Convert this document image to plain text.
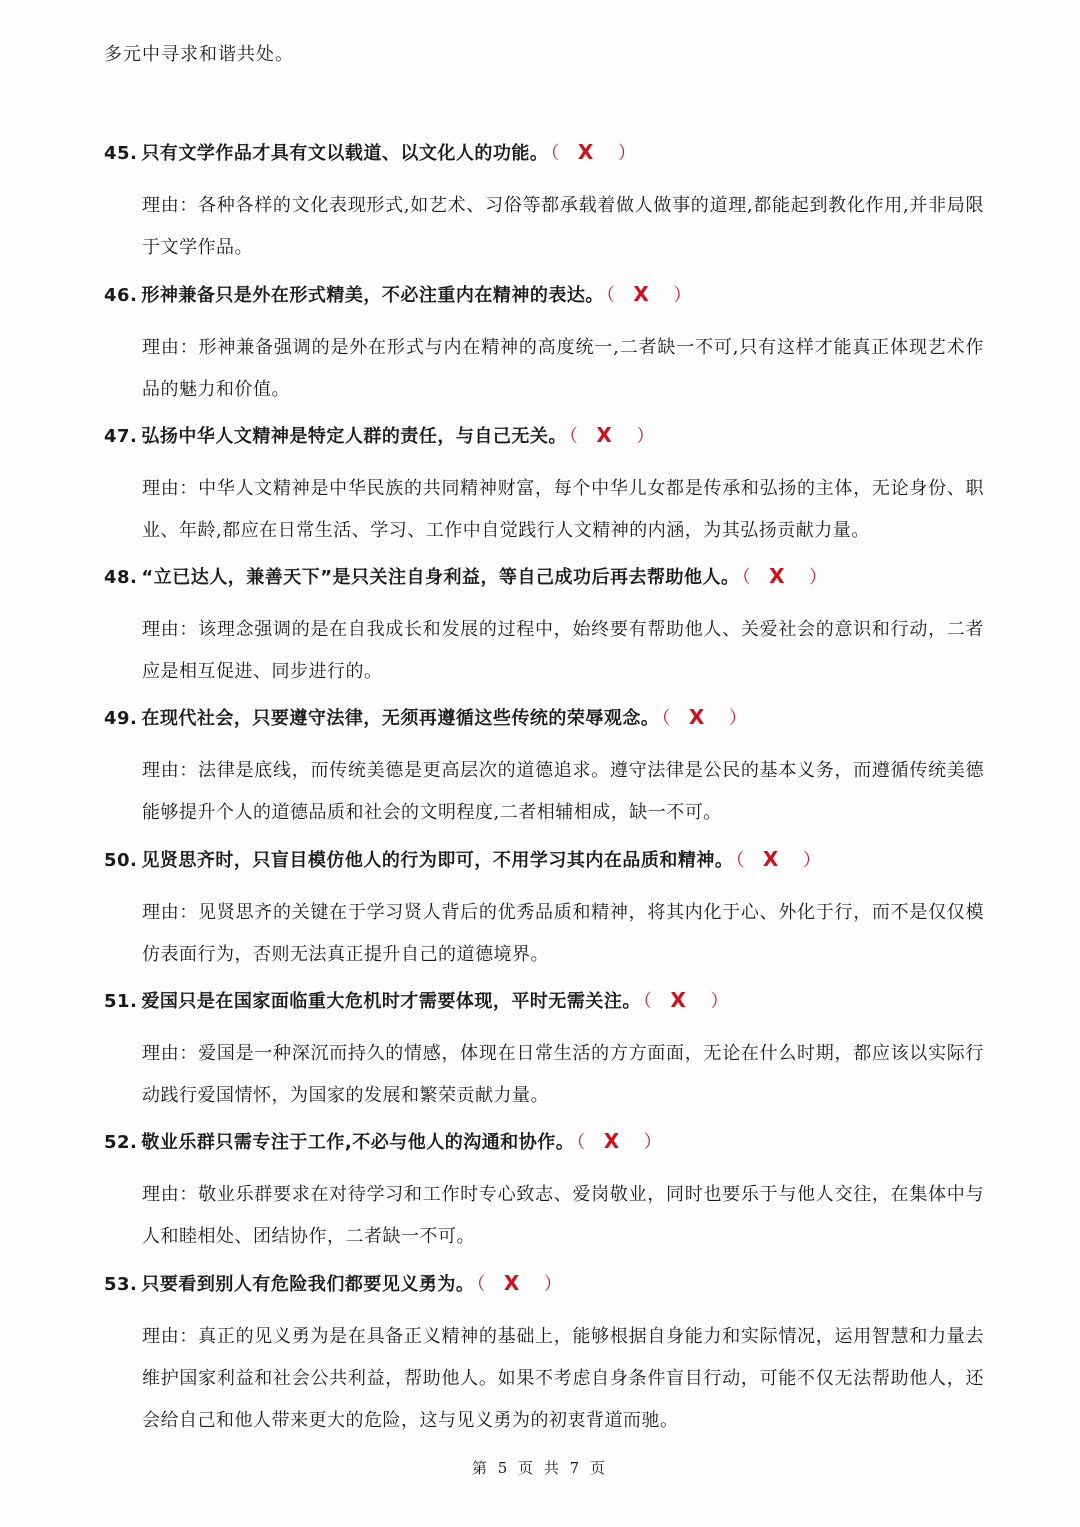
多元中寻求和谐共处。
45. 只有文学作品才具有文以载道、以文化人的功能。 （ X ）
理由：各种各样的文化表现形式,如艺术、习俗等都承载着做人做事的道理,都能起到教化作用,并非局限于文学作品。
46. 形神兼备只是外在形式精美，不必注重内在精神的表达。 （ X ）
理由：形神兼备强调的是外在形式与内在精神的高度统一,二者缺一不可,只有这样才能真正体现艺术作品的魅力和价值。
47. 弘扬中华人文精神是特定人群的责任，与自己无关。 （ X ）
理由：中华人文精神是中华民族的共同精神财富，每个中华儿女都是传承和弘扬的主体，无论身份、职业、年龄,都应在日常生活、学习、工作中自觉践行人文精神的内涵，为其弘扬贡献力量。
48. “立已达人，兼善天下”是只关注自身利益，等自己成功后再去帮助他人。 （ X ）
理由：该理念强调的是在自我成长和发展的过程中，始终要有帮助他人、关爱社会的意识和行动，二者应是相互促进、同步进行的。
49. 在现代社会，只要遵守法律，无须再遵循这些传统的荣辱观念。 （ X ）
理由：法律是底线，而传统美德是更高层次的道德追求。遵守法律是公民的基本义务，而遵循传统美德能够提升个人的道德品质和社会的文明程度,二者相辅相成，缺一不可。
50. 见贤思齐时，只盲目模仿他人的行为即可，不用学习其内在品质和精神。 （ X ）
理由：见贤思齐的关键在于学习贤人背后的优秀品质和精神，将其内化于心、外化于行，而不是仅仅模仿表面行为，否则无法真正提升自己的道德境界。
51. 爱国只是在国家面临重大危机时才需要体现，平时无需关注。 （ X ）
理由：爱国是一种深沉而持久的情感，体现在日常生活的方方面面，无论在什么时期，都应该以实际行动践行爱国情怀，为国家的发展和繁荣贡献力量。
52. 敬业乐群只需专注于工作,不必与他人的沟通和协作。 （ X ）
理由：敬业乐群要求在对待学习和工作时专心致志、爱岗敬业，同时也要乐于与他人交往，在集体中与人和睦相处、团结协作，二者缺一不可。
53. 只要看到别人有危险我们都要见义勇为。 （ X ）
理由：真正的见义勇为是在具备正义精神的基础上，能够根据自身能力和实际情况，运用智慧和力量去维护国家利益和社会公共利益，帮助他人。如果不考虑自身条件盲目行动，可能不仅无法帮助他人，还会给自己和他人带来更大的危险，这与见义勇为的初衷背道而驰。
第 5 页 共 7 页
